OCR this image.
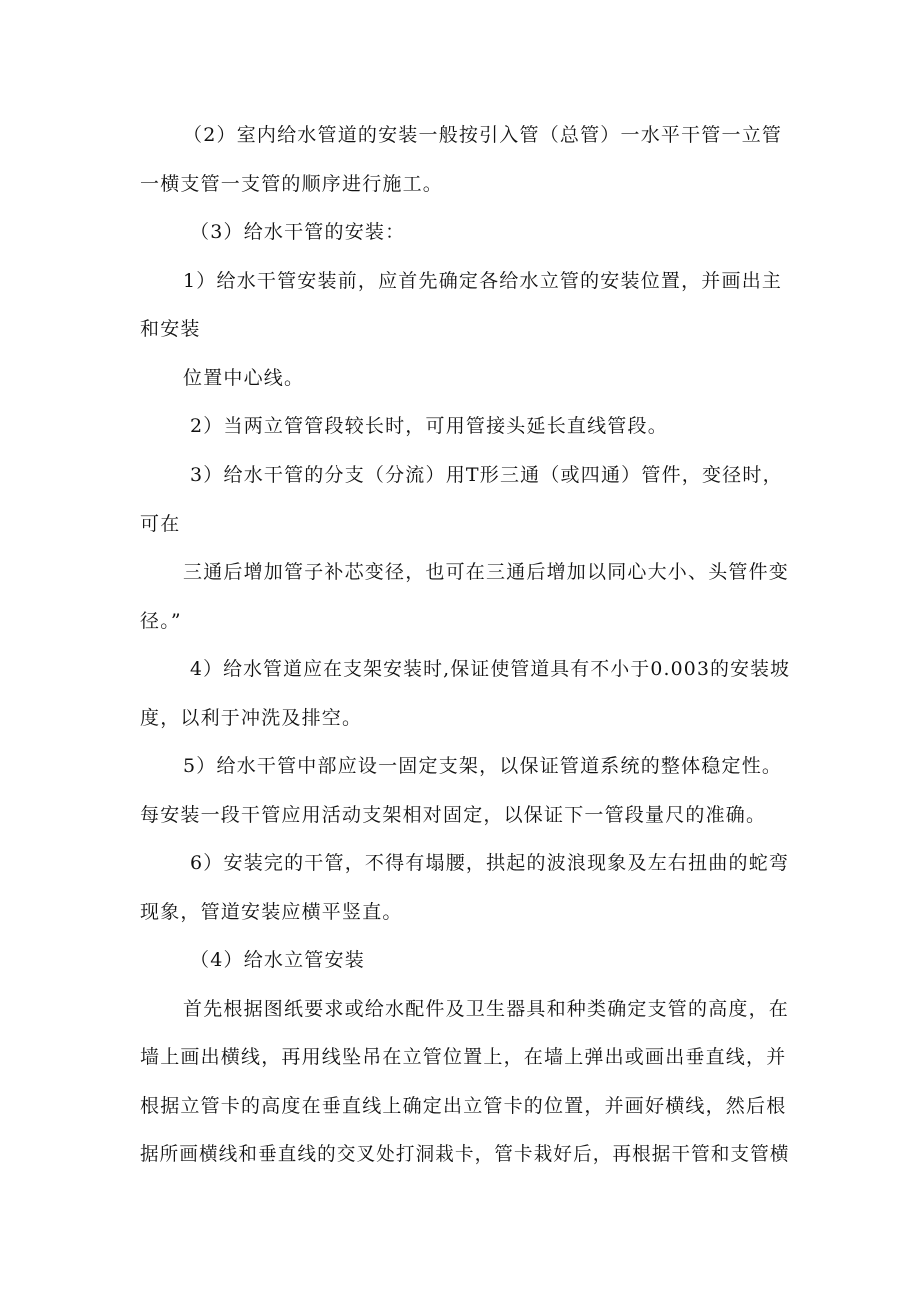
（2）室内给水管道的安装一般按引入管（总管）一水平干管一立管
一横支管一支管的顺序进行施工。
（3）给水干管的安装：
1）给水干管安装前，应首先确定各给水立管的安装位置，并画出主
和安装
位置中心线。
2）当两立管管段较长时，可用管接头延长直线管段。
3）给水干管的分支（分流）用T形三通（或四通）管件，变径时，
可在
三通后增加管子补芯变径，也可在三通后增加以同心大小、头管件变
径。”
4）给水管道应在支架安装时,保证使管道具有不小于0.003的安装坡
度，以利于冲洗及排空。
5）给水干管中部应设一固定支架，以保证管道系统的整体稳定性。
每安装一段干管应用活动支架相对固定，以保证下一管段量尺的准确。
6）安装完的干管，不得有塌腰，拱起的波浪现象及左右扭曲的蛇弯
现象，管道安装应横平竖直。
（4）给水立管安装
首先根据图纸要求或给水配件及卫生器具和种类确定支管的高度，在
墙上画出横线，再用线坠吊在立管位置上，在墙上弹出或画出垂直线，并
根据立管卡的高度在垂直线上确定出立管卡的位置，并画好横线，然后根
据所画横线和垂直线的交叉处打洞栽卡，管卡栽好后，再根据干管和支管横
